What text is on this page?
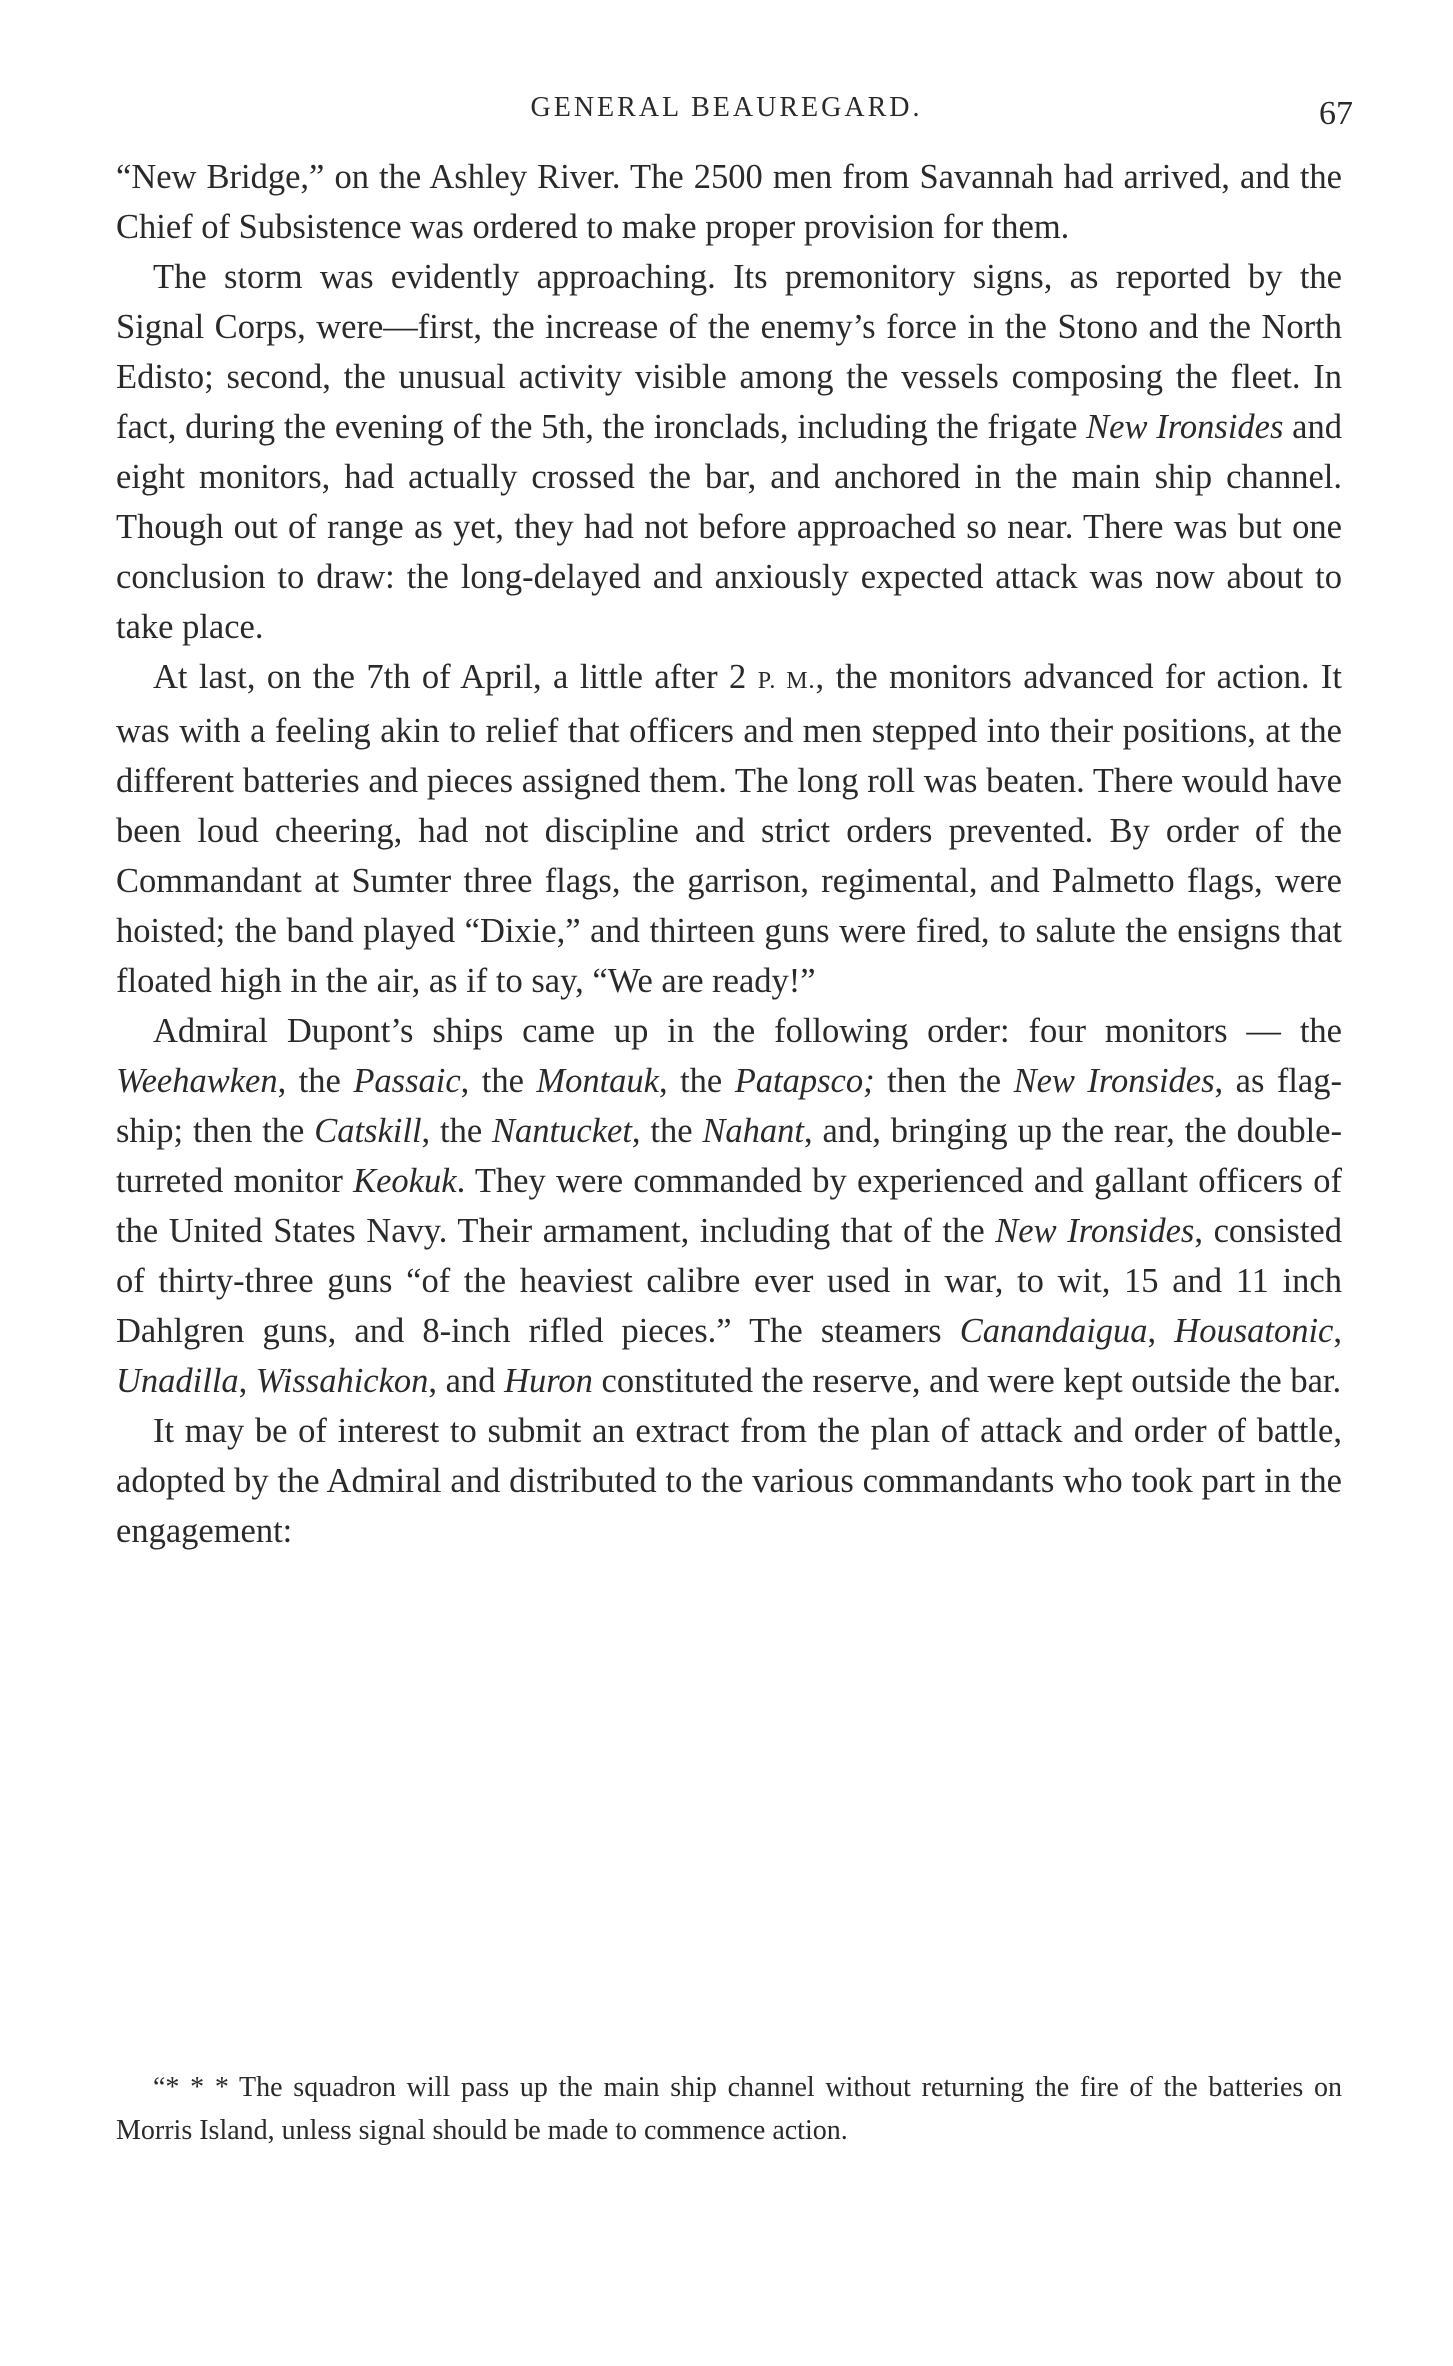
GENERAL BEAUREGARD.	67

“New Bridge,” on the Ashley River. The 2500 men from Savannah had arrived, and the Chief of Subsistence was ordered to make proper provision for them.

The storm was evidently approaching. Its premonitory signs, as reported by the Signal Corps, were—first, the increase of the enemy’s force in the Stono and the North Edisto; second, the unusual activity visible among the vessels composing the fleet. In fact, during the evening of the 5th, the ironclads, including the frigate New Ironsides and eight monitors, had actually crossed the bar, and anchored in the main ship channel. Though out of range as yet, they had not before approached so near. There was but one conclusion to draw: the long-delayed and anxiously expected attack was now about to take place.

At last, on the 7th of April, a little after 2 P. M., the monitors advanced for action. It was with a feeling akin to relief that officers and men stepped into their positions, at the different batteries and pieces assigned them. The long roll was beaten. There would have been loud cheering, had not discipline and strict orders prevented. By order of the Commandant at Sumter three flags, the garrison, regimental, and Palmetto flags, were hoisted; the band played “Dixie,” and thirteen guns were fired, to salute the ensigns that floated high in the air, as if to say, “We are ready!”

Admiral Dupont’s ships came up in the following order: four monitors — the Weehawken, the Passaic, the Montauk, the Patapsco; then the New Ironsides, as flag-ship; then the Catskill, the Nantucket, the Nahant, and, bringing up the rear, the double-turreted monitor Keokuk. They were commanded by experienced and gallant officers of the United States Navy. Their armament, including that of the New Ironsides, consisted of thirty-three guns “of the heaviest calibre ever used in war, to wit, 15 and 11 inch Dahlgren guns, and 8-inch rifled pieces.” The steamers Canandaigua, Housatonic, Unadilla, Wissahickon, and Huron constituted the reserve, and were kept outside the bar.

It may be of interest to submit an extract from the plan of attack and order of battle, adopted by the Admiral and distributed to the various commandants who took part in the engagement:

“* * * The squadron will pass up the main ship channel without returning the fire of the batteries on Morris Island, unless signal should be made to commence action.
